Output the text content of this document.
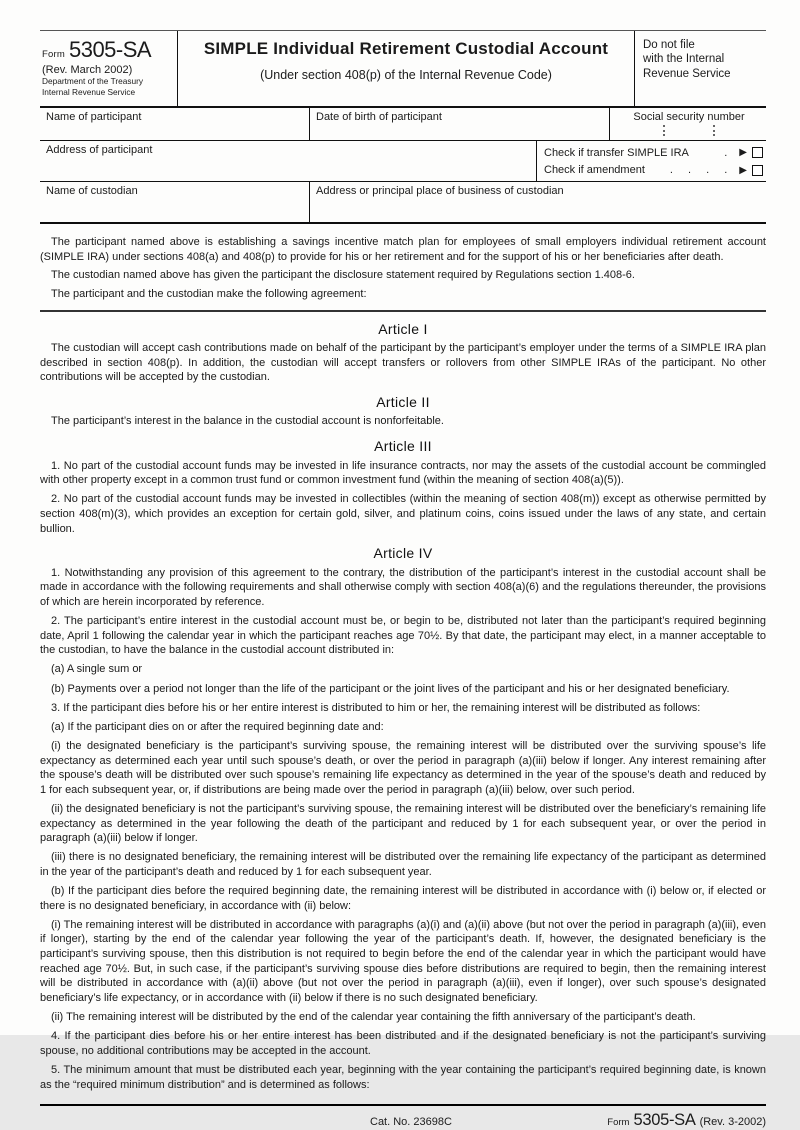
Form 5305-SA
(Rev. March 2002)
Department of the Treasury
Internal Revenue Service
SIMPLE Individual Retirement Custodial Account
(Under section 408(p) of the Internal Revenue Code)
Do not file
with the Internal
Revenue Service
Name of participant	Date of birth of participant	Social security number
Address of participant	Check if transfer SIMPLE IRA	. ▶
Check if amendment . . . . ▶
Name of custodian	Address or principal place of business of custodian

The participant named above is establishing a savings incentive match plan for employees of small employers individual retirement account (SIMPLE IRA) under sections 408(a) and 408(p) to provide for his or her retirement and for the support of his or her beneficiaries after death.

The custodian named above has given the participant the disclosure statement required by Regulations section 1.408-6.

The participant and the custodian make the following agreement:

Article I

The custodian will accept cash contributions made on behalf of the participant by the participant’s employer under the terms of a SIMPLE IRA plan described in section 408(p). In addition, the custodian will accept transfers or rollovers from other SIMPLE IRAs of the participant. No other contributions will be accepted by the custodian.

Article II

The participant’s interest in the balance in the custodial account is nonforfeitable.

Article III

1. No part of the custodial account funds may be invested in life insurance contracts, nor may the assets of the custodial account be commingled with other property except in a common trust fund or common investment fund (within the meaning of section 408(a)(5)).

2. No part of the custodial account funds may be invested in collectibles (within the meaning of section 408(m)) except as otherwise permitted by section 408(m)(3), which provides an exception for certain gold, silver, and platinum coins, coins issued under the laws of any state, and certain bullion.

Article IV

1. Notwithstanding any provision of this agreement to the contrary, the distribution of the participant’s interest in the custodial account shall be made in accordance with the following requirements and shall otherwise comply with section 408(a)(6) and the regulations thereunder, the provisions of which are herein incorporated by reference.

2. The participant’s entire interest in the custodial account must be, or begin to be, distributed not later than the participant’s required beginning date, April 1 following the calendar year in which the participant reaches age 70½. By that date, the participant may elect, in a manner acceptable to the custodian, to have the balance in the custodial account distributed in:

(a) A single sum or

(b) Payments over a period not longer than the life of the participant or the joint lives of the participant and his or her designated beneficiary.

3. If the participant dies before his or her entire interest is distributed to him or her, the remaining interest will be distributed as follows:

(a) If the participant dies on or after the required beginning date and:

(i) the designated beneficiary is the participant’s surviving spouse, the remaining interest will be distributed over the surviving spouse’s life expectancy as determined each year until such spouse’s death, or over the period in paragraph (a)(iii) below if longer. Any interest remaining after the spouse’s death will be distributed over such spouse’s remaining life expectancy as determined in the year of the spouse’s death and reduced by 1 for each subsequent year, or, if distributions are being made over the period in paragraph (a)(iii) below, over such period.

(ii) the designated beneficiary is not the participant’s surviving spouse, the remaining interest will be distributed over the beneficiary’s remaining life expectancy as determined in the year following the death of the participant and reduced by 1 for each subsequent year, or over the period in paragraph (a)(iii) below if longer.

(iii) there is no designated beneficiary, the remaining interest will be distributed over the remaining life expectancy of the participant as determined in the year of the participant’s death and reduced by 1 for each subsequent year.

(b) If the participant dies before the required beginning date, the remaining interest will be distributed in accordance with (i) below or, if elected or there is no designated beneficiary, in accordance with (ii) below:

(i) The remaining interest will be distributed in accordance with paragraphs (a)(i) and (a)(ii) above (but not over the period in paragraph (a)(iii), even if longer), starting by the end of the calendar year following the year of the participant’s death. If, however, the designated beneficiary is the participant’s surviving spouse, then this distribution is not required to begin before the end of the calendar year in which the participant would have reached age 70½. But, in such case, if the participant’s surviving spouse dies before distributions are required to begin, then the remaining interest will be distributed in accordance with (a)(ii) above (but not over the period in paragraph (a)(iii), even if longer), over such spouse’s designated beneficiary’s life expectancy, or in accordance with (ii) below if there is no such designated beneficiary.

(ii) The remaining interest will be distributed by the end of the calendar year containing the fifth anniversary of the participant’s death.

4. If the participant dies before his or her entire interest has been distributed and if the designated beneficiary is not the participant’s surviving spouse, no additional contributions may be accepted in the account.

5. The minimum amount that must be distributed each year, beginning with the year containing the participant’s required beginning date, is known as the “required minimum distribution” and is determined as follows:

Cat. No. 23698C	Form 5305-SA (Rev. 3-2002)
